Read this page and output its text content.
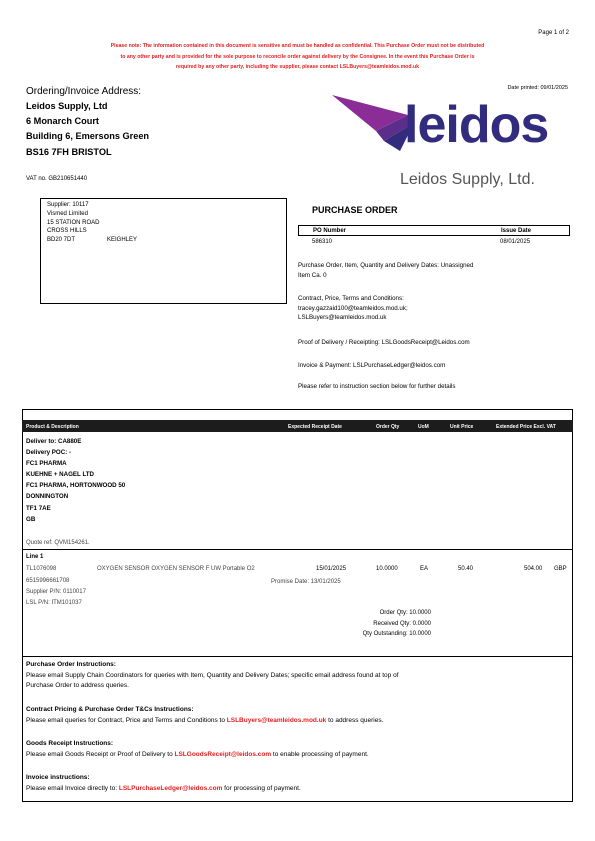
Page 1 of 2
Please note: The information contained in this document is sensitive and must be handled as confidential. This Purchase Order must not be distributed
to any other party and is provided for the sole purpose to reconcile order against delivery by the Consignee. In the event this Purchase Order is
required by any other party, including the supplier, please contact LSLBuyers@teamleidos.mod.uk
Ordering/Invoice Address:
Leidos Supply, Ltd
6 Monarch Court
Building 6, Emersons Green
BS16 7FH BRISTOL
Date printed: 09/01/2025
leidos
Leidos Supply, Ltd.
VAT no. GB210651440
Supplier: 10117
Vismed Limited
15 STATION ROAD
CROSS HILLS
BD20 7DT	KEIGHLEY
PURCHASE ORDER
PO Number	Issue Date
586310	08/01/2025
Purchase Order, Item, Quantity and Delivery Dates: Unassigned
Item Ca. 0
Contract, Price, Terms and Conditions:
tracey.gazzaid100@teamleidos.mod.uk;
LSLBuyers@teamleidos.mod.uk
Proof of Delivery / Receipting: LSLGoodsReceipt@Leidos.com
Invoice & Payment: LSLPurchaseLedger@leidos.com
Please refer to instruction section below for further details
Product & Description	Expected Receipt Date	Order Qty	UoM	Unit Price	Extended Price Excl. VAT
Deliver to: CA880E
Delivery POC: -
FC1 PHARMA
KUEHNE + NAGEL LTD
FC1 PHARMA, HORTONWOOD 50
DONNINGTON
TF1 7AE
GB
Quote ref: QVM154261.
Line 1
TL1076098	OXYGEN SENSOR OXYGEN SENSOR F UW Portable O2	15/01/2025	10.0000	EA	50.40	504.00 GBP
6515996661708	Promise Date: 13/01/2025
Supplier P/N: 0110017
LSL P/N: ITM101037
Order Qty: 10.0000
Received Qty: 0.0000
Qty Outstanding: 10.0000
Purchase Order Instructions:
Please email Supply Chain Coordinators for queries with Item, Quantity and Delivery Dates; specific email address found at top of
Purchase Order to address queries.
Contract Pricing & Purchase Order T&Cs Instructions:
Please email queries for Contract, Price and Terms and Conditions to LSLBuyers@teamleidos.mod.uk to address queries.
Goods Receipt Instructions:
Please email Goods Receipt or Proof of Delivery to LSLGoodsReceipt@leidos.com to enable processing of payment.
Invoice instructions:
Please email Invoice directly to: LSLPurchaseLedger@leidos.com for processing of payment.
